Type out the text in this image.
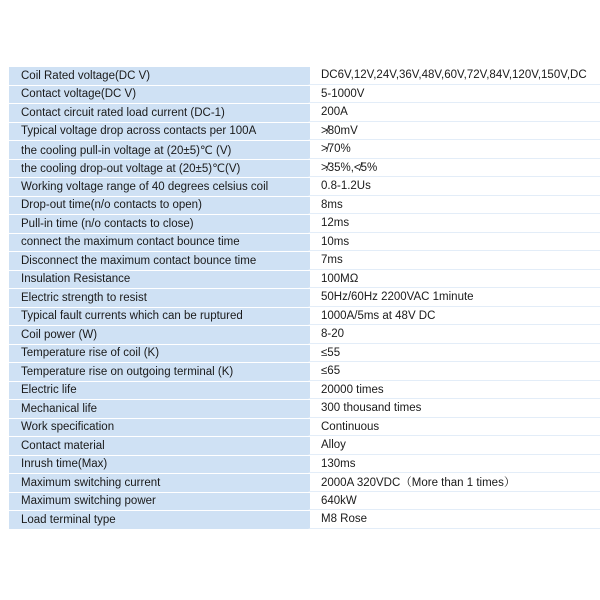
Coil Rated voltage(DC V)	DC6V,12V,24V,36V,48V,60V,72V,84V,120V,150V,DC
Contact voltage(DC V)	5-1000V
Contact circuit rated load current (DC-1)	200A
Typical voltage drop across contacts per 100A	≯80mV
the cooling pull-in voltage at (20±5)℃ (V)	≯70%
the cooling drop-out voltage at (20±5)℃(V)	≯35%,≮5%
Working voltage range of 40 degrees celsius coil	0.8-1.2Us
Drop-out time(n/o contacts to open)	8ms
Pull-in time (n/o contacts to close)	12ms
connect the maximum contact bounce time	10ms
Disconnect the maximum contact bounce time	7ms
Insulation Resistance	100MΩ
Electric strength to resist	50Hz/60Hz 2200VAC 1minute
Typical fault currents which can be ruptured	1000A/5ms at 48V DC
Coil power (W)	8-20
Temperature rise of coil (K)	≤55
Temperature rise on outgoing terminal (K)	≤65
Electric life	20000 times
Mechanical life	300 thousand times
Work specification	Continuous
Contact material	Alloy
Inrush time(Max)	130ms
Maximum switching current	2000A 320VDC（More than 1 times）
Maximum switching power	640kW
Load terminal type	M8 Rose
